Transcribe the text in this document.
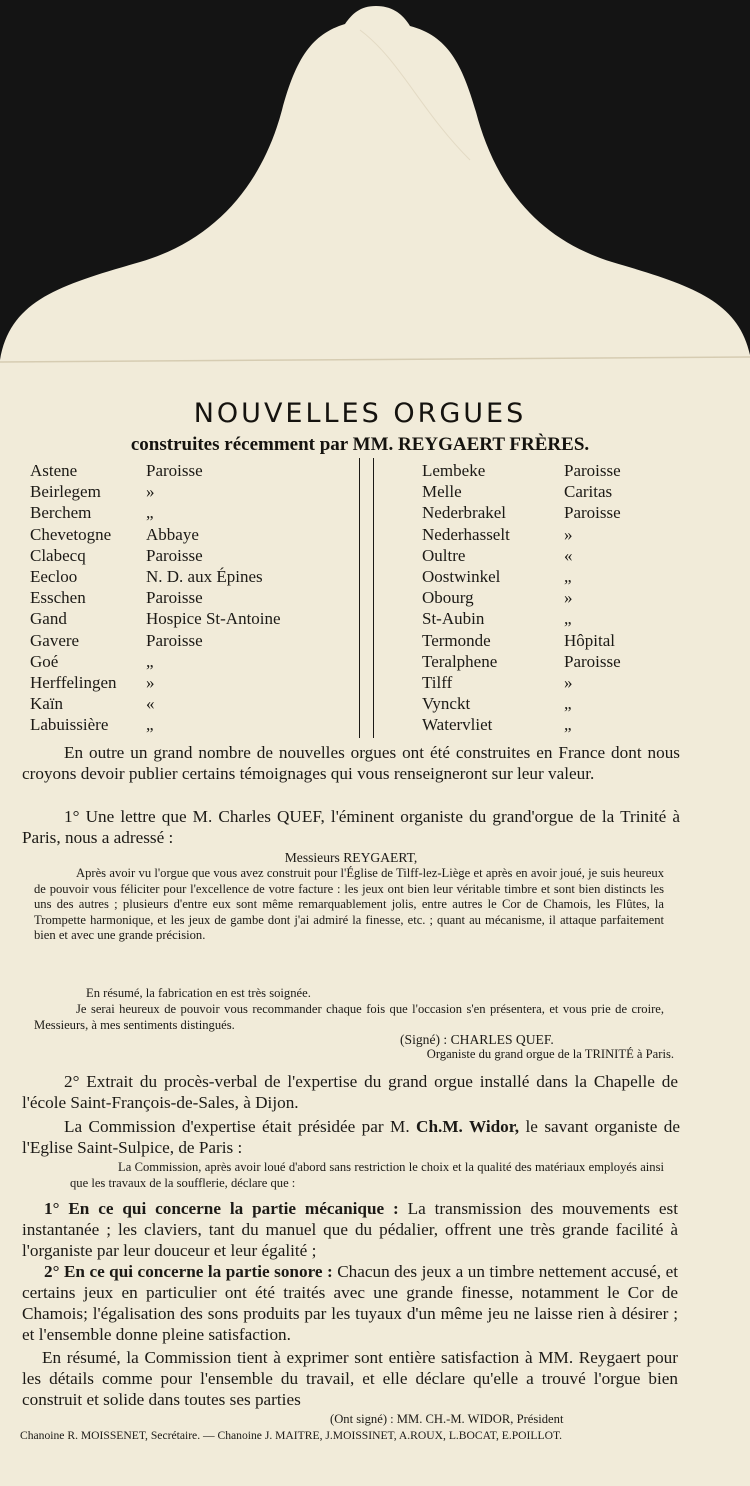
NOUVELLES ORGUES
construites récemment par MM. REYGAERT FRÈRES.
Astene	Paroisse
Beirlegem	»
Berchem	„
Chevetogne Abbaye
Clabecq	Paroisse
Eecloo	N. D. aux Épines
Esschen	Paroisse
Gand	Hospice St-Antoine
Gavere	Paroisse
Goé	„
Herffelingen »
Kaïn	«
Labuissière „
Lembeke	Paroisse
Melle	Caritas
Nederbrakel	Paroisse
Nederhasselt	»
Oultre	«
Oostwinkel	„
Obourg	»
St-Aubin	„
Termonde	Hôpital
Teralphene	Paroisse
Tilff	»
Vynckt	„
Watervliet	„
En outre un grand nombre de nouvelles orgues ont été construites en France dont nous croyons devoir publier certains témoignages qui vous renseigneront sur leur valeur.
1° Une lettre que M. Charles QUEF, l'éminent organiste du grand'orgue de la Trinité à Paris, nous a adressé :
Messieurs REYGAERT,
Après avoir vu l'orgue que vous avez construit pour l'Église de Tilff-lez-Liège et après en avoir joué, je suis heureux de pouvoir vous féliciter pour l'excellence de votre facture : les jeux ont bien leur véritable timbre et sont bien distincts les uns des autres ; plusieurs d'entre eux sont même remarquablement jolis, entre autres le Cor de Chamois, les Flûtes, la Trompette harmonique, et les jeux de gambe dont j'ai admiré la finesse, etc. ; quant au mécanisme, il attaque parfaitement bien et avec une grande précision.
En résumé, la fabrication en est très soignée.
Je serai heureux de pouvoir vous recommander chaque fois que l'occasion s'en présentera, et vous prie de croire, Messieurs, à mes sentiments distingués.
(Signé) : CHARLES QUEF.
Organiste du grand orgue de la TRINITÉ à Paris.
2° Extrait du procès-verbal de l'expertise du grand orgue installé dans la Chapelle de l'école Saint-François-de-Sales, à Dijon.
La Commission d'expertise était présidée par M. Ch.M. Widor, le savant organiste de l'Eglise Saint-Sulpice, de Paris :
La Commission, après avoir loué d'abord sans restriction le choix et la qualité des matériaux employés ainsi que les travaux de la soufflerie, déclare que :
1° En ce qui concerne la partie mécanique : La transmission des mouvements est instantanée ; les claviers, tant du manuel que du pédalier, offrent une très grande facilité à l'organiste par leur douceur et leur égalité ;
2° En ce qui concerne la partie sonore : Chacun des jeux a un timbre nettement accusé, et certains jeux en particulier ont été traités avec une grande finesse, notamment le Cor de Chamois; l'égalisation des sons produits par les tuyaux d'un même jeu ne laisse rien à désirer ; et l'ensemble donne pleine satisfaction.
En résumé, la Commission tient à exprimer sont entière satisfaction à MM. Reygaert pour les détails comme pour l'ensemble du travail, et elle déclare qu'elle a trouvé l'orgue bien construit et solide dans toutes ses parties
(Ont signé) : MM. CH.-M. WIDOR, Président
Chanoine R. MOISSENET, Secrétaire. — Chanoine J. MAITRE, J.MOISSINET, A.ROUX, L.BOCAT, E.POILLOT.
